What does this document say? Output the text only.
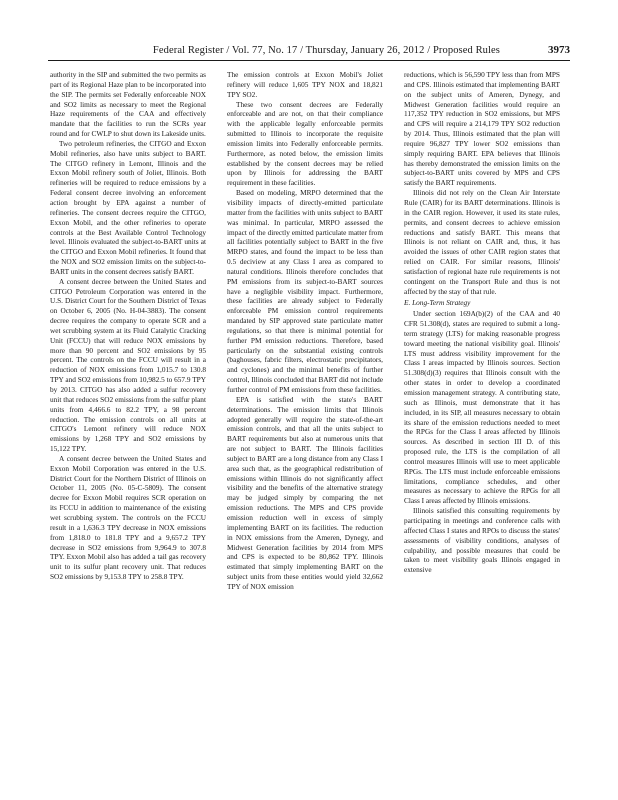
Federal Register / Vol. 77, No. 17 / Thursday, January 26, 2012 / Proposed Rules	3973

authority in the SIP and submitted the two permits as part of its Regional Haze plan to be incorporated into the SIP. The permits set Federally enforceable NOX and SO2 limits as necessary to meet the Regional Haze requirements of the CAA and effectively mandate that the facilities to run the SCRs year round and for CWLP to shut down its Lakeside units.

Two petroleum refineries, the CITGO and Exxon Mobil refineries, also have units subject to BART. The CITGO refinery in Lemont, Illinois and the Exxon Mobil refinery south of Joliet, Illinois. Both refineries will be required to reduce emissions by a Federal consent decree involving an enforcement action brought by EPA against a number of refineries. The consent decrees require the CITGO, Exxon Mobil, and the other refineries to operate controls at the Best Available Control Technology level. Illinois evaluated the subject-to-BART units at the CITGO and Exxon Mobil refineries. It found that the NOX and SO2 emission limits on the subject-to-BART units in the consent decrees satisfy BART.

A consent decree between the United States and CITGO Petroleum Corporation was entered in the U.S. District Court for the Southern District of Texas on October 6, 2005 (No. H-04-3883). The consent decree requires the company to operate SCR and a wet scrubbing system at its Fluid Catalytic Cracking Unit (FCCU) that will reduce NOX emissions by more than 90 percent and SO2 emissions by 95 percent. The controls on the FCCU will result in a reduction of NOX emissions from 1,015.7 to 130.8 TPY and SO2 emissions from 10,982.5 to 657.9 TPY by 2013. CITGO has also added a sulfur recovery unit that reduces SO2 emissions from the sulfur plant units from 4,466.6 to 82.2 TPY, a 98 percent reduction. The emission controls on all units at CITGO's Lemont refinery will reduce NOX emissions by 1,268 TPY and SO2 emissions by 15,122 TPY.

A consent decree between the United States and Exxon Mobil Corporation was entered in the U.S. District Court for the Northern District of Illinois on October 11, 2005 (No. 05-C-5809). The consent decree for Exxon Mobil requires SCR operation on its FCCU in addition to maintenance of the existing wet scrubbing system. The controls on the FCCU result in a 1,636.3 TPY decrease in NOX emissions from 1,818.0 to 181.8 TPY and a 9,657.2 TPY decrease in SO2 emissions from 9,964.9 to 307.8 TPY. Exxon Mobil also has added a tail gas recovery unit to its sulfur plant recovery unit. That reduces SO2 emissions by 9,153.8 TPY to 258.8 TPY.

The emission controls at Exxon Mobil's Joliet refinery will reduce 1,605 TPY NOX and 18,821 TPY SO2.

These two consent decrees are Federally enforceable and are not, on that their compliance with the applicable legally enforceable permits submitted to Illinois to incorporate the requisite emission limits into Federally enforceable permits. Furthermore, as noted below, the emission limits established by the consent decrees may be relied upon by Illinois for addressing the BART requirement in these facilities.

Based on modeling, MRPO determined that the visibility impacts of directly-emitted particulate matter from the facilities with units subject to BART was minimal. In particular, MRPO assessed the impact of the directly emitted particulate matter from all facilities potentially subject to BART in the five MRPO states, and found the impact to be less than 0.5 deciview at any Class I area as compared to natural conditions. Illinois therefore concludes that PM emissions from its subject-to-BART sources have a negligible visibility impact. Furthermore, these facilities are already subject to Federally enforceable PM emission control requirements mandated by SIP approved state particulate matter regulations, so that there is minimal potential for further PM emission reductions. Therefore, based particularly on the substantial existing controls (baghouses, fabric filters, electrostatic precipitators, and cyclones) and the minimal benefits of further control, Illinois concluded that BART did not include further control of PM emissions from these facilities.

EPA is satisfied with the state's BART determinations. The emission limits that Illinois adopted generally will require the state-of-the-art emission controls, and that all the units subject to BART requirements but also at numerous units that are not subject to BART. The Illinois facilities subject to BART are a long distance from any Class I area such that, as the geographical redistribution of emissions within Illinois do not significantly affect visibility and the benefits of the alternative strategy may be judged simply by comparing the net emission reductions. The MPS and CPS provide emission reduction well in excess of simply implementing BART on its facilities. The reduction in NOX emissions from the Ameren, Dynegy, and Midwest Generation facilities by 2014 from MPS and CPS is expected to be 80,862 TPY. Illinois estimated that simply implementing BART on the subject units from these entities would yield 32,662 TPY of NOX emission

reductions, which is 56,590 TPY less than from MPS and CPS. Illinois estimated that implementing BART on the subject units of Ameren, Dynegy, and Midwest Generation facilities would require an 117,352 TPY reduction in SO2 emissions, but MPS and CPS will require a 214,179 TPY SO2 reduction by 2014. Thus, Illinois estimated that the plan will require 96,827 TPY lower SO2 emissions than simply requiring BART. EPA believes that Illinois has thereby demonstrated the emission limits on the subject-to-BART units covered by MPS and CPS satisfy the BART requirements.

Illinois did not rely on the Clean Air Interstate Rule (CAIR) for its BART determinations. Illinois is in the CAIR region. However, it used its state rules, permits, and consent decrees to achieve emission reductions and satisfy BART. This means that Illinois is not reliant on CAIR and, thus, it has avoided the issues of other CAIR region states that relied on CAIR. For similar reasons, Illinois' satisfaction of regional haze rule requirements is not contingent on the Transport Rule and thus is not affected by the stay of that rule.

E. Long-Term Strategy

Under section 169A(b)(2) of the CAA and 40 CFR 51.308(d), states are required to submit a long-term strategy (LTS) for making reasonable progress toward meeting the national visibility goal. Illinois' LTS must address visibility improvement for the Class I areas impacted by Illinois sources. Section 51.308(d)(3) requires that Illinois consult with the other states in order to develop a coordinated emission management strategy. A contributing state, such as Illinois, must demonstrate that it has included, in its SIP, all measures necessary to obtain its share of the emission reductions needed to meet the RPGs for the Class I areas affected by Illinois sources. As described in section III D. of this proposed rule, the LTS is the compilation of all control measures Illinois will use to meet applicable RPGs. The LTS must include enforceable emissions limitations, compliance schedules, and other measures as necessary to achieve the RPGs for all Class I areas affected by Illinois emissions.

Illinois satisfied this consulting requirements by participating in meetings and conference calls with affected Class I states and RPOs to discuss the states' assessments of visibility conditions, analyses of culpability, and possible measures that could be taken to meet visibility goals Illinois engaged in extensive
